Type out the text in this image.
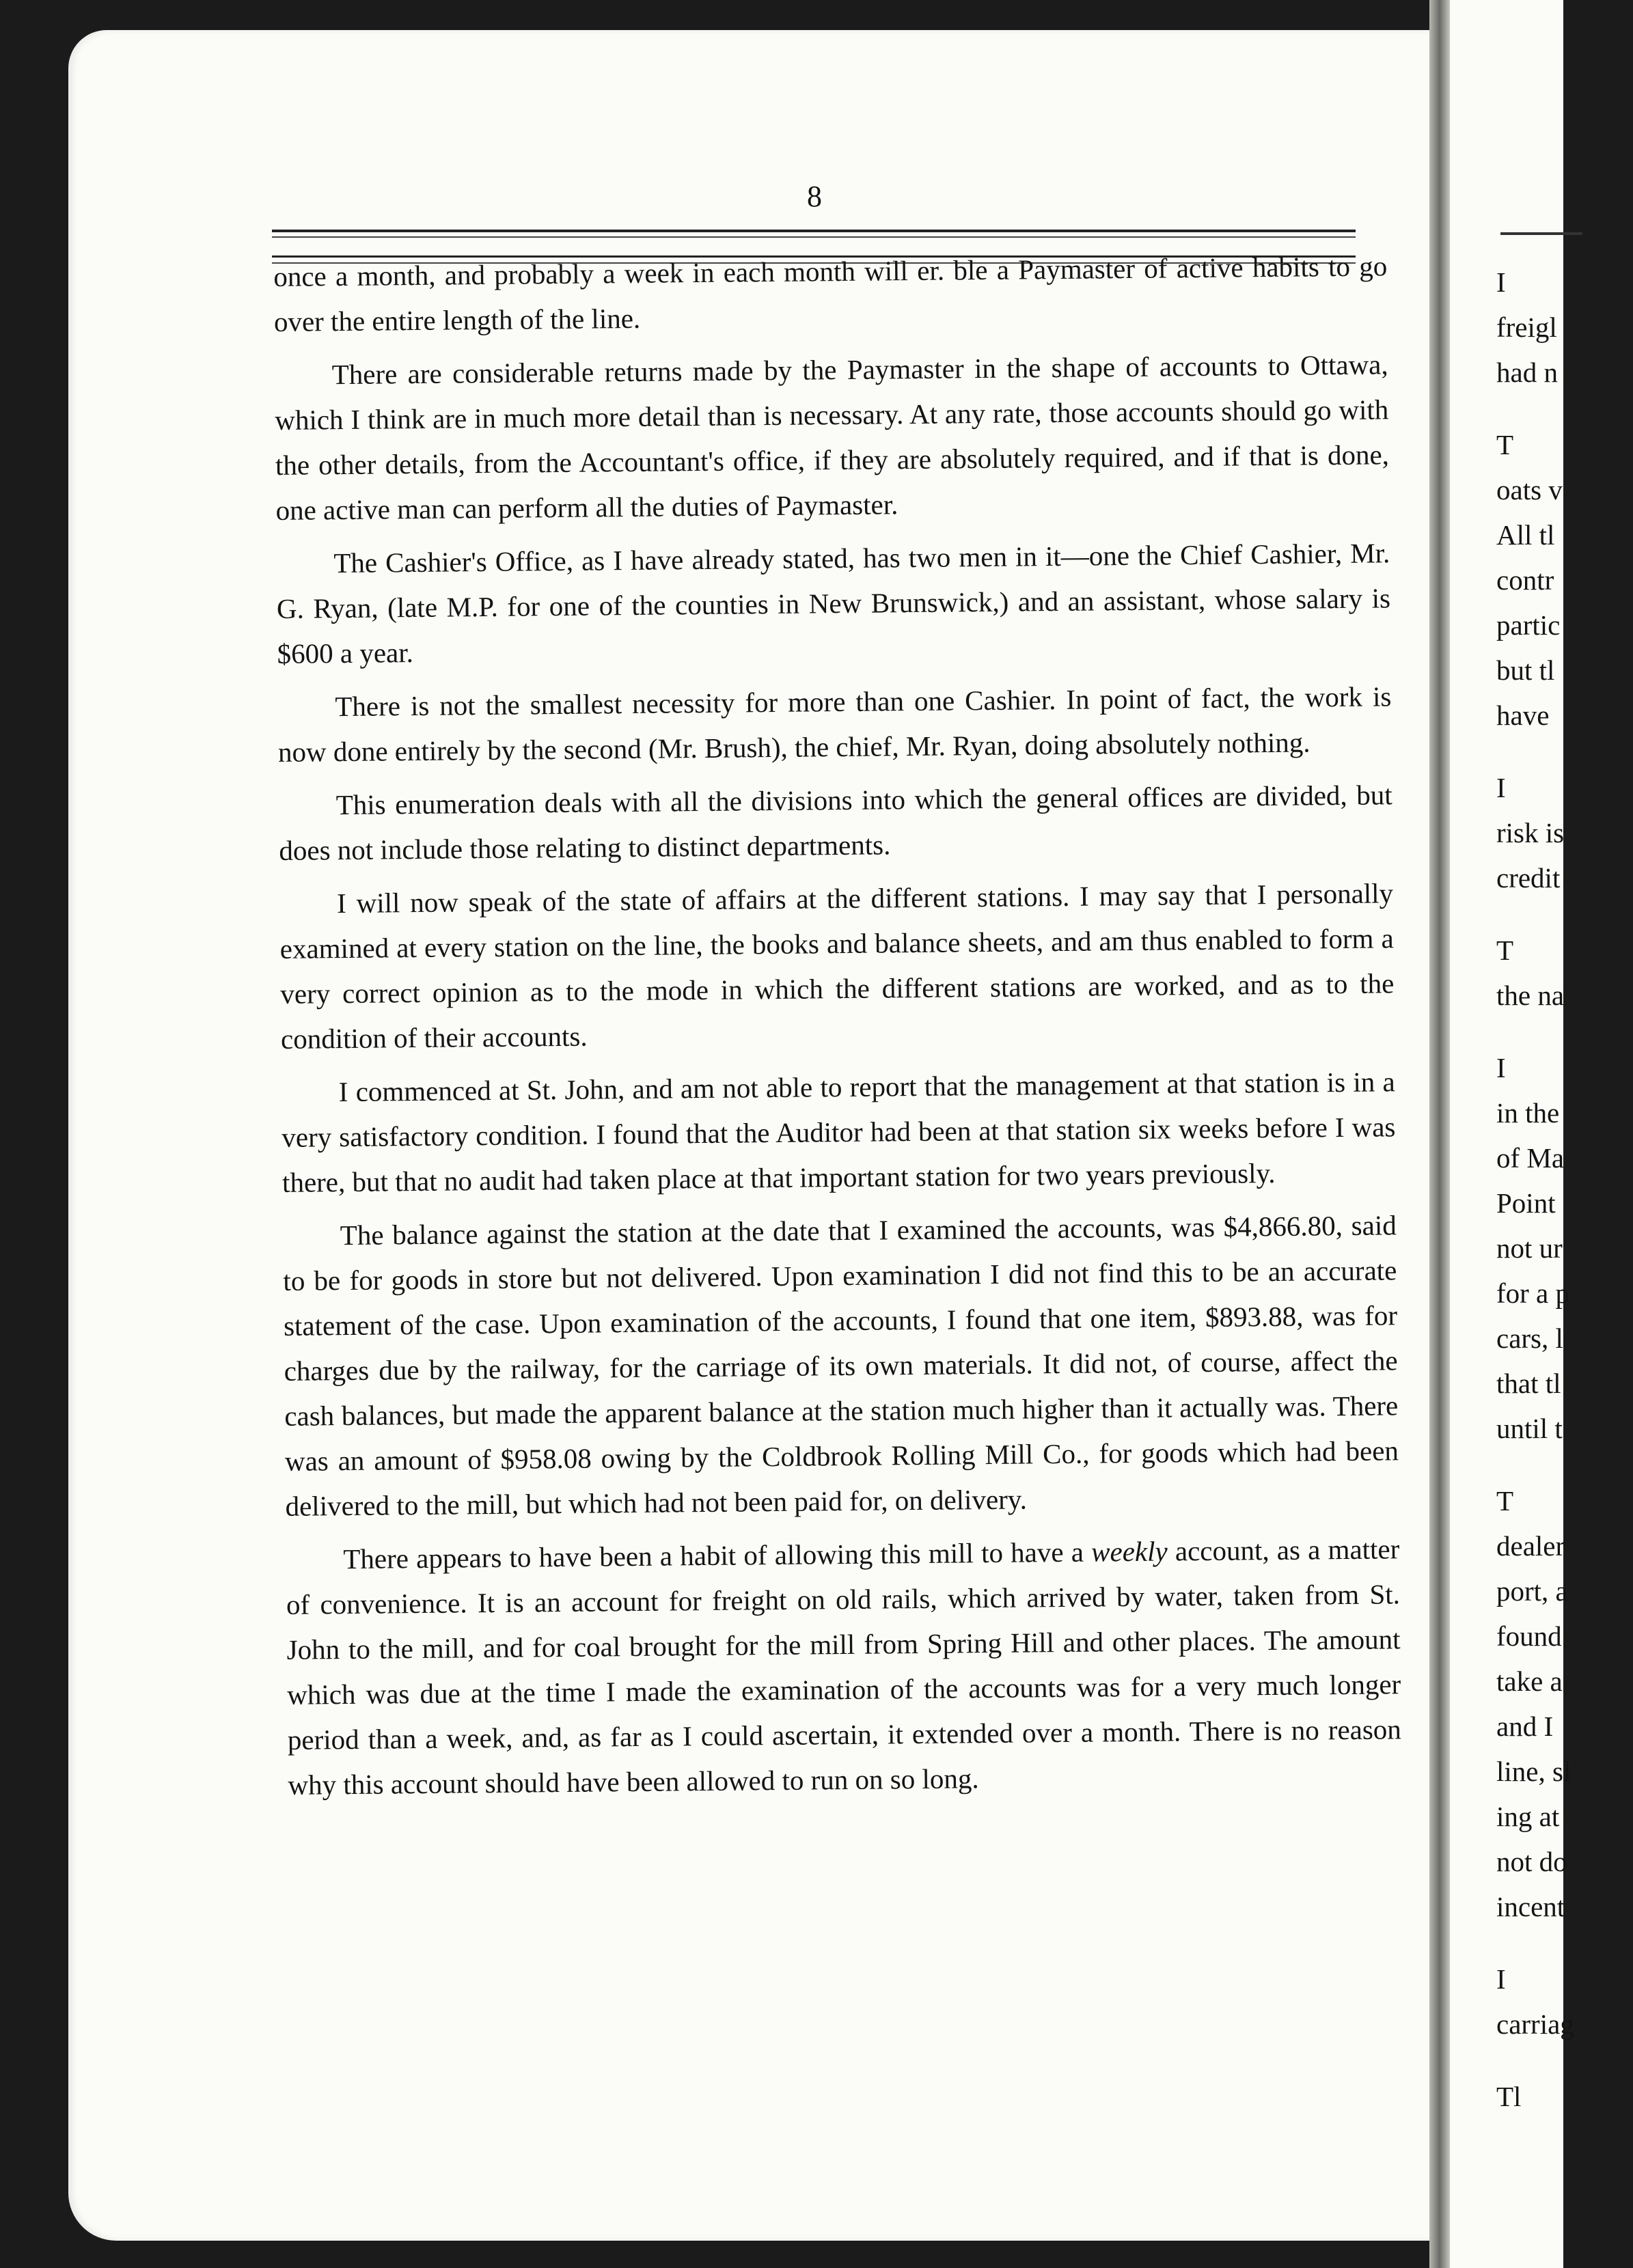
8

once a month, and probably a week in each month will er. ble a Paymaster of active habits to go over the entire length of the line.

There are considerable returns made by the Paymaster in the shape of accounts to Ottawa, which I think are in much more detail than is necessary. At any rate, those accounts should go with the other details, from the Accountant's office, if they are absolutely required, and if that is done, one active man can perform all the duties of Paymaster.

The Cashier's Office, as I have already stated, has two men in it—one the Chief Cashier, Mr. G. Ryan, (late M.P. for one of the counties in New Brunswick,) and an assistant, whose salary is $600 a year.

There is not the smallest necessity for more than one Cashier. In point of fact, the work is now done entirely by the second (Mr. Brush), the chief, Mr. Ryan, doing absolutely nothing.

This enumeration deals with all the divisions into which the general offices are divided, but does not include those relating to distinct departments.

I will now speak of the state of affairs at the different stations. I may say that I personally examined at every station on the line, the books and balance sheets, and am thus enabled to form a very correct opinion as to the mode in which the different stations are worked, and as to the condition of their accounts.

I commenced at St. John, and am not able to report that the management at that station is in a very satisfactory condition. I found that the Auditor had been at that station six weeks before I was there, but that no audit had taken place at that important station for two years previously.

The balance against the station at the date that I examined the accounts, was $4,866.80, said to be for goods in store but not delivered. Upon examination I did not find this to be an accurate statement of the case. Upon examination of the accounts, I found that one item, $893.88, was for charges due by the railway, for the carriage of its own materials. It did not, of course, affect the cash balances, but made the apparent balance at the station much higher than it actually was. There was an amount of $958.08 owing by the Coldbrook Rolling Mill Co., for goods which had been delivered to the mill, but which had not been paid for, on delivery.

There appears to have been a habit of allowing this mill to have a weekly account, as a matter of convenience. It is an account for freight on old rails, which arrived by water, taken from St. John to the mill, and for coal brought for the mill from Spring Hill and other places. The amount which was due at the time I made the examination of the accounts was for a very much longer period than a week, and, as far as I could ascertain, it extended over a month. There is no reason why this account should have been allowed to run on so long.

I
freigl
had n
T
oats v
All tl
contr
partic
but tl
have
I
risk is
credit
T
the na
I
in the
of Ma
Point
not ur
for a p
cars, l
that tl
until t
T
dealer
port, a
found
take a
and I
line, sl
ing at
not do
incent
I
carriag
Tl
